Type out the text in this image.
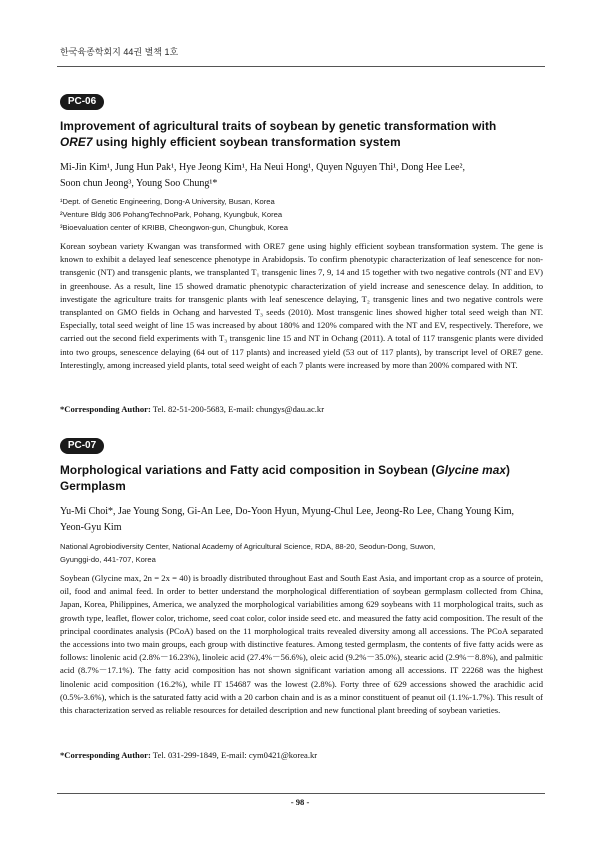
한국육종학회지 44권 별책 1호
PC-06
Improvement of agricultural traits of soybean by genetic transformation with
ORE7 using highly efficient soybean transformation system
Mi-Jin Kim¹, Jung Hun Pak¹, Hye Jeong Kim¹, Ha Neui Hong¹, Quyen Nguyen Thi¹, Dong Hee Lee²,
Soon chun Jeong³, Young Soo Chung¹*
¹Dept. of Genetic Engineering, Dong-A University, Busan, Korea
²Venture Bldg 306 PohangTechnoPark, Pohang, Kyungbuk, Korea
³Bioevaluation center of KRIBB, Cheongwon-gun, Chungbuk, Korea

Korean soybean variety Kwangan was transformed with ORE7 gene using highly efficient soybean transformation system. The gene is known to exhibit a delayed leaf senescence phenotype in Arabidopsis. To confirm phenotypic characterization of leaf senescence for non-transgenic (NT) and transgenic plants, we transplanted T₁ transgenic lines 7, 9, 14 and 15 together with two negative controls (NT and EV) in greenhouse. As a result, line 15 showed dramatic phenotypic characterization of yield increase and senescence delay. In addition, to investigate the agriculture traits for transgenic plants with leaf senescence delaying, T₂ transgenic lines and two negative controls were transplanted on GMO fields in Ochang and harvested T₃ seeds (2010). Most transgenic lines showed higher total seed weigh than NT. Especially, total seed weight of line 15 was increased by about 180% and 120% compared with the NT and EV, respectively. Therefore, we carried out the second field experiments with T₃ transgenic line 15 and NT in Ochang (2011). A total of 117 transgenic plants were divided into two groups, senescence delaying (64 out of 117 plants) and increased yield (53 out of 117 plants), by transcript level of ORE7 gene. Interestingly, among increased yield plants, total seed weight of each 7 plants were increased by more than 200% compared with NT.

*Corresponding Author: Tel. 82-51-200-5683, E-mail: chungys@dau.ac.kr
PC-07
Morphological variations and Fatty acid composition in Soybean (Glycine max)
Germplasm
Yu-Mi Choi*, Jae Young Song, Gi-An Lee, Do-Yoon Hyun, Myung-Chul Lee, Jeong-Ro Lee, Chang Young Kim,
Yeon-Gyu Kim
National Agrobiodiversity Center, National Academy of Agricultural Science, RDA, 88-20, Seodun-Dong, Suwon,
Gyunggi-do, 441-707, Korea

Soybean (Glycine max, 2n = 2x = 40) is broadly distributed throughout East and South East Asia, and important crop as a source of protein, oil, food and animal feed. In order to better understand the morphological differentiation of soybean germplasm collected from China, Japan, Korea, Philippines, America, we analyzed the morphological variabilities among 629 soybeans with 11 morphological traits, such as growth type, leaflet, flower color, trichome, seed coat color, color inside seed etc. and measured the fatty acid composition. The result of the principal coordinates analysis (PCoA) based on the 11 morphological traits revealed diversity among all accessions. The PCoA separated the accessions into two main groups, each group with distinctive features. Among tested germplasm, the contents of five fatty acids were as follows: linolenic acid (2.8%－16.23%), linoleic acid (27.4%－56.6%), oleic acid (9.2%－35.0%), stearic acid (2.9%－8.8%), and palmitic acid (8.7%－17.1%). The fatty acid composition has not shown significant variation among all accessions. IT 22268 was the highest linolenic acid composition (16.2%), while IT 154687 was the lowest (2.8%). Forty three of 629 accessions showed the arachidic acid (0.5%-3.6%), which is the saturated fatty acid with a 20 carbon chain and is as a minor constituent of peanut oil (1.1%-1.7%). This result of this characterization served as reliable resources for detailed description and new functional plant breeding of soybean varieties.

*Corresponding Author: Tel. 031-299-1849, E-mail: cym0421@korea.kr
- 98 -
